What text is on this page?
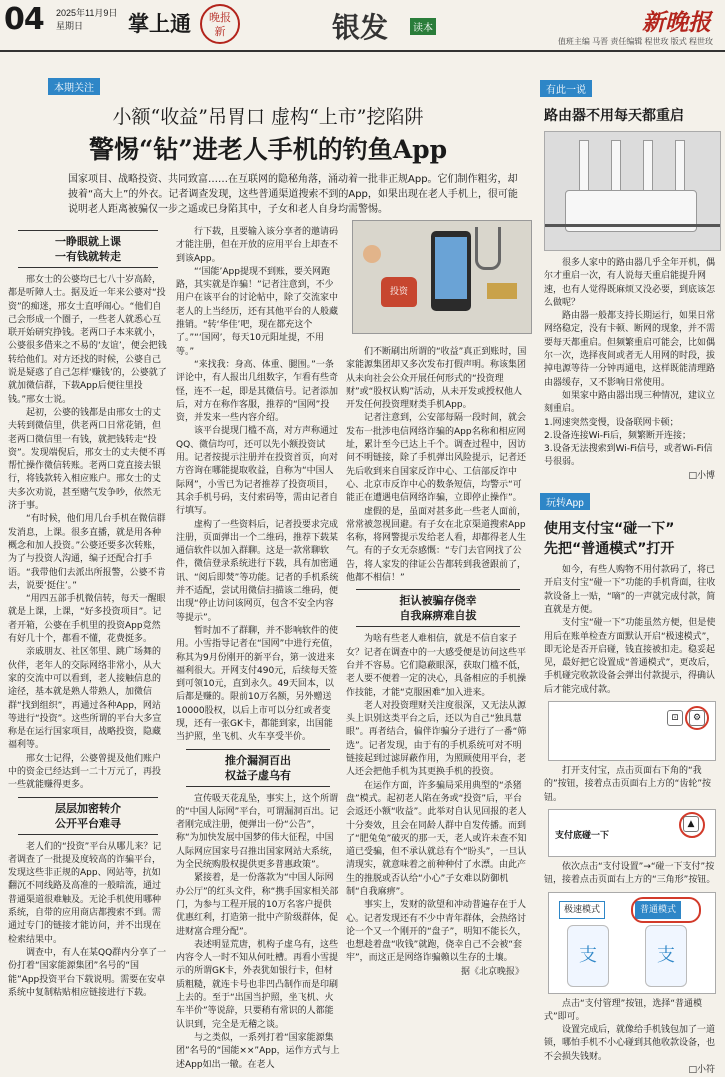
04 2025年11月9日
星期日	掌上通	晚报 新	银发	读本	新晚报
值班主编 马晋 责任编辑 程世玫 版式 程世玫
本期关注
小额“收益”吊胃口 虚构“上市”挖陷阱
警惕“钻”进老人手机的钓鱼App

国家项目、战略投资、共同致富……在互联网的隐秘角落，涌动着一批非正规App。它们制作粗劣，却披着“高大上”的外衣。记者调查发现，这些普通渠道搜索不到的App，如果出现在老人手机上，很可能说明老人距离被骗仅一步之遥或已身陷其中，子女和老人自身均需警惕。

投资
一睁眼就上课
一有钱就转走

邢女士的公婆均已七八十岁高龄，都是听障人士。据及近一年来公婆对“投资”的痴迷，邢女士直呼闹心。“他们自己会形成一个圈子，一些老人就悉心互联开始研究挣钱。老两口子本来就小，公婆很多借来之不易的‘友谊’，便会把钱转给他们。对方还找的时候，公婆自己说是疑惑了自己怎样‘赚钱’的，公婆就了就加微信群，下载App后便往里投钱。”邢女士说。

起初，公婆的钱都是由邢女士的丈夫转到微信里，供老两口日常花销，但老两口微信里一有钱，就把钱转走“投资”。发现端倪后，邢女士的丈夫便不再帮忙操作微信转账。老两口竟直接去银行，将钱款转入相应账户。邢女士的丈夫多次劝说，甚至赌气发争吵，依然无济于事。

“有时候，他们用几台手机在微信群发消息，上课。很多直播，就是用各种概念和加人投资。”公婆还要多次转账，为了与投资人沟通，编子还配合打手语。“我带他们去派出所报警，公婆不肯去，说要‘挺住’。”

“用四五部手机微信转，每天一醒眼就是上课，上课，“好多投资项目”。记者开箱，公婆在手机里的投资App竟然有好几十个，都看不懂，花费挺多。

亲戚朋友、社区邻里、跳广场舞的伙伴，老年人的交际网络非常小，从大家的交流中可以看到，老人接触信息的途径，基本就是熟人带熟人，加微信群“找到组织”，再通过各种App，网站等进行“投资”。这些所谓的平台大多宣称是在运行国家项目，战略投资，隐藏福利等。

邢女士记得，公婆曾提及他们账户中的资金已经达到一二十万元了，再投一些就能赚得更多。

层层加密转介
公开平台难寻

老人们的“投资”平台从哪儿来？记者调查了一批提及度较高的诈骗平台，发现这些非正规的App、网站等，抗如翻沉不同线路及高准的一般暗流，通过普通渠道很难触及。无论手机使用哪种系统，自带的应用商店都搜索不到。需通过专门的链接才能访问，并不出现在检索结果中。

调查中，有人在某QQ群内分享了一份打着“国家能源集团”名号的“国能”App投资平台下载说明。需要在安卓系统中复制粘贴相应链接进行下载。

行下载，且要输入该分享者的邀请码才能注册，但在开放的应用平台上却查不到该App。

“‘国能’App提现不到账，要关网跑路，其实就是诈骗！”记者注意到，不少用户在该平台的讨论帖中，除了交流家中老人的上当经历，还有其他平台的人般藏推销。“转‘华佳’吧，现在都充这个了。”“‘国网’，每天10元阳址提，不用等。”

“来找我：身高、体重、腿围。”一条评论中，有人报出几组数字，乍看有些奇怪，连不一起，即是其微信号。记者添加后，对方在称作客服，推荐的“国网”投资，并发来一些内容介绍。

该平台提现门槛不高，对方声称通过QQ、微信均可，还可以先小额投资试用。记者按提示注册并在投资首页，向对方咨询在哪能提取收益，自称为“中国人际网”，小雪已为记者推荐了投资项目，其余手机号码，支付索码等，需由记者自行填写。

虚构了一些资料后，记者投要求完成注册，页面弹出一个二维码，推荐下载某通信软件以加入群聊。这是一款常聊软件，微信登录系统进行下载，具有加密通讯、“阅后即焚”等功能。记者的手机系统并不适配，尝试用微信扫描该二维码，便出现“停止访问该网页，包含不安全内容等提示”。

暂时加不了群聊，并不影响软件的使用。小雪指导记者在“国网”中进行充值，称其为9月份刚开的新平台，第一波进来福利很大。开网支付490元，后续每天签到可领10元，直到永久。49天回本，以后都是赚的。限前10万名额，另外赠送10000股权，以后上市可以分红或者变现，还有一张GK卡，都能到家，出国能当护照，坐飞机、火车享受半价。

推介漏洞百出
权益子虚乌有

宣传吸天花乱坠，事实上，这个所谓的“中国人际网”平台，可谓漏洞百出。记者刚完成注册，便弹出一份“公告”，称“为加快发展中国梦的伟大征程，中国人际网应国家号召推出国家网站大系统，为全民统购股权提供更多普惠政策”。

紧接着，是一份落款为“中国人际网办公厅”的红头文件，称“携手国家相关部门，为参与工程开展的10万名客户提供优惠红利，打造第一批中产阶级群体，促进财富合理分配”。

表述明显荒唐，机构子虚乌有，这些内容令人一时不知从何吐槽。再看小雪提示的所谓GK卡，外表犹如银行卡，但材质粗糙，就连卡号也非凹凸制作而是印刷上去的。至于“出国当护照，坐飞机、火车半价”等说辞，只要稍有常识的人都能认识到，完全是无稽之谈。

与之类似，一系列打着“国家能源集团”名号的“国能××”App，运作方式与上述App如出一辙。在老人

们不断刷出所谓的“收益”真正到账时，国家能源集团却又多次发布打假声明。称该集团从未向社会公众开展任何形式的“投资理财”或“股权认购”活动，从未开发或授权他人开发任何投资理财类手机App。

记者注意到，公安部每隔一段时间，就会发布一批涉电信网络诈骗的App名称和相应网址，累计至今已达上千个。调查过程中，因访问不明链接，除了手机弹出风险提示，记者还先后收到来自国家反诈中心、工信部反诈中心、北京市反诈中心的数条短信，均警示“可能正在遭遇电信网络诈骗，立即停止操作”。

虚假的是，虽面对甚多此一些老人面前，常常被忽视回避。有子女在北京渠道搜索App名称，将网警提示发给老人看，却都得老人生气。有的子女无奈感慨：“专门去官网找了公告，将人家发的律证公告都转到我爸跟前了，他都不相信！”

拒认被骗存侥幸
自我麻痹难自拔

为啥有些老人难相信，就是不信自家子女？记者在调查中的一大感受便是访问这些平台并不容易。它们隐蔽眼深，获取门槛不低，老人要不便着一定的决心，具备相应的手机操作技能，才能“克服困难”加入进来。

老人对投资理财关注度很深，又无法从源头上识别这类平台之后，还以为自己“独具慧眼”。再者结合，偏伴诈骗分子进行了一番“筛选”。记者发现，由于有的手机系统可对不明链接起到过滤屏蔽作用，为照顾使用平台，老人还会把他手机为其更换手机的投资。

在运作方面，许多骗局采用典型的“杀猪盘”模式。起初老人陷在务或“投资”后，平台会返还小额“收益”。此举对自认见回报的老人十分奏效，且会在同龄人群中自发传播。而到了“肥兔兔”破灭的那一天，老人或许未查不知道已受骗，但不承认就总有个“盼头”，一旦认清现实，就意味着之前种种付了水漂。由此产生的推脱或否认给“小心”子女难以防御机制“自我麻痹”。

事实上，发财的欲望和冲动普遍存在于人心。记者发现还有不少中青年群体，会热络讨论一个又一个刚开的“盘子”，明知不能长久，也想趁着盘“收钱”就跑，侥幸自己不会被“套牢”，而这正是网络诈骗赖以生存的土壤。

据《北京晚报》
有此一说
路由器不用每天都重启

很多人家中的路由器几乎全年开机，偶尔才重启一次，有人说每天重启能提升网速，也有人觉得既麻烦又没必要，到底该怎么做呢？

路由器一般都支持长期运行，如果日常网络稳定，没有卡顿、断网的现象，并不需要每天都重启。但频繁重启可能会，比如偶尔一次，选择夜间或者无人用网的时段，拔掉电源等待一分钟再通电，这样既能清理路由器缓存，又不影响日常使用。

如果家中路由器出现三种情况，建议立刻重启。

1.网速突然变慢，设备联网卡顿；
2.设备连接Wi-Fi后，频繁断开连接；
3.设备无法搜索到Wi-Fi信号，或者Wi-Fi信号很弱。
□小博
玩转App
使用支付宝“碰一下”
先把“普通模式”打开

如今，有些人购物不用付款码了，将已开启支付宝“碰一下”功能的手机背面，往收款设备上一贴，“嘀”的一声就完成付款，简直就是方便。

支付宝“碰一下”功能虽然方便，但是使用后在账单检查方面默认开启“极速模式”，即无论是否开启碰，钱直接被扣走。稳妥起见，最好把它设置成“普通模式”，更改后，手机碰完收款设备会弹出付款提示，得确认后才能完成付款。

⊡	⚙

打开支付宝，点击页面右下角的“我的”按钮，接着点击页面右上方的“齿轮”按钮。

支付底碰一下
▲

依次点击“支付设置”→“碰一下支付”按钮，接着点击页面右上方的“三角形”按钮。

极速模式	普通模式
支	支

点击“支付管理”按钮，选择“普通模式”即可。

设置完成后，就像给手机钱包加了一道锁，哪怕手机不小心碰到其他收款设备，也不会损失钱财。

□小符
